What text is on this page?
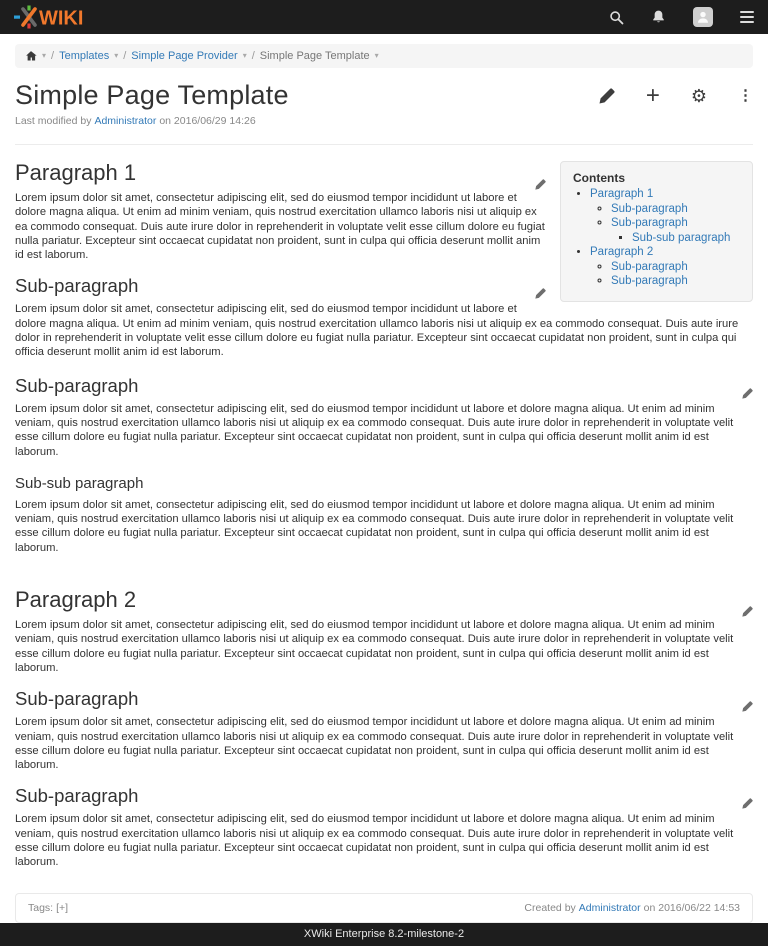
WIKI
▾ / Templates ▾ / Simple Page Provider ▾ / Simple Page Template ▾
Simple Page Template	+ ⚙ ⋮
Last modified by Administrator on 2016/06/29 14:26
Contents
• Paragraph 1
◦ Sub-paragraph
◦ Sub-paragraph
▪ Sub-sub paragraph
• Paragraph 2
◦ Sub-paragraph
◦ Sub-paragraph
Paragraph 1

Lorem ipsum dolor sit amet, consectetur adipiscing elit, sed do eiusmod tempor incididunt ut labore et dolore magna aliqua. Ut enim ad minim veniam, quis nostrud exercitation ullamco laboris nisi ut aliquip ex ea commodo consequat. Duis aute irure dolor in reprehenderit in voluptate velit esse cillum dolore eu fugiat nulla pariatur. Excepteur sint occaecat cupidatat non proident, sunt in culpa qui officia deserunt mollit anim id est laborum.

Sub-paragraph

Lorem ipsum dolor sit amet, consectetur adipiscing elit, sed do eiusmod tempor incididunt ut labore et dolore magna aliqua. Ut enim ad minim veniam, quis nostrud exercitation ullamco laboris nisi ut aliquip ex ea commodo consequat. Duis aute irure dolor in reprehenderit in voluptate velit esse cillum dolore eu fugiat nulla pariatur. Excepteur sint occaecat cupidatat non proident, sunt in culpa qui officia deserunt mollit anim id est laborum.

Sub-paragraph

Lorem ipsum dolor sit amet, consectetur adipiscing elit, sed do eiusmod tempor incididunt ut labore et dolore magna aliqua. Ut enim ad minim veniam, quis nostrud exercitation ullamco laboris nisi ut aliquip ex ea commodo consequat. Duis aute irure dolor in reprehenderit in voluptate velit esse cillum dolore eu fugiat nulla pariatur. Excepteur sint occaecat cupidatat non proident, sunt in culpa qui officia deserunt mollit anim id est laborum.

Sub-sub paragraph

Lorem ipsum dolor sit amet, consectetur adipiscing elit, sed do eiusmod tempor incididunt ut labore et dolore magna aliqua. Ut enim ad minim veniam, quis nostrud exercitation ullamco laboris nisi ut aliquip ex ea commodo consequat. Duis aute irure dolor in reprehenderit in voluptate velit esse cillum dolore eu fugiat nulla pariatur. Excepteur sint occaecat cupidatat non proident, sunt in culpa qui officia deserunt mollit anim id est laborum.

Paragraph 2

Lorem ipsum dolor sit amet, consectetur adipiscing elit, sed do eiusmod tempor incididunt ut labore et dolore magna aliqua. Ut enim ad minim veniam, quis nostrud exercitation ullamco laboris nisi ut aliquip ex ea commodo consequat. Duis aute irure dolor in reprehenderit in voluptate velit esse cillum dolore eu fugiat nulla pariatur. Excepteur sint occaecat cupidatat non proident, sunt in culpa qui officia deserunt mollit anim id est laborum.

Sub-paragraph

Lorem ipsum dolor sit amet, consectetur adipiscing elit, sed do eiusmod tempor incididunt ut labore et dolore magna aliqua. Ut enim ad minim veniam, quis nostrud exercitation ullamco laboris nisi ut aliquip ex ea commodo consequat. Duis aute irure dolor in reprehenderit in voluptate velit esse cillum dolore eu fugiat nulla pariatur. Excepteur sint occaecat cupidatat non proident, sunt in culpa qui officia deserunt mollit anim id est laborum.

Sub-paragraph

Lorem ipsum dolor sit amet, consectetur adipiscing elit, sed do eiusmod tempor incididunt ut labore et dolore magna aliqua. Ut enim ad minim veniam, quis nostrud exercitation ullamco laboris nisi ut aliquip ex ea commodo consequat. Duis aute irure dolor in reprehenderit in voluptate velit esse cillum dolore eu fugiat nulla pariatur. Excepteur sint occaecat cupidatat non proident, sunt in culpa qui officia deserunt mollit anim id est laborum.

Tags: [+]	Created by Administrator on 2016/06/22 14:53
XWiki Enterprise 8.2-milestone-2
